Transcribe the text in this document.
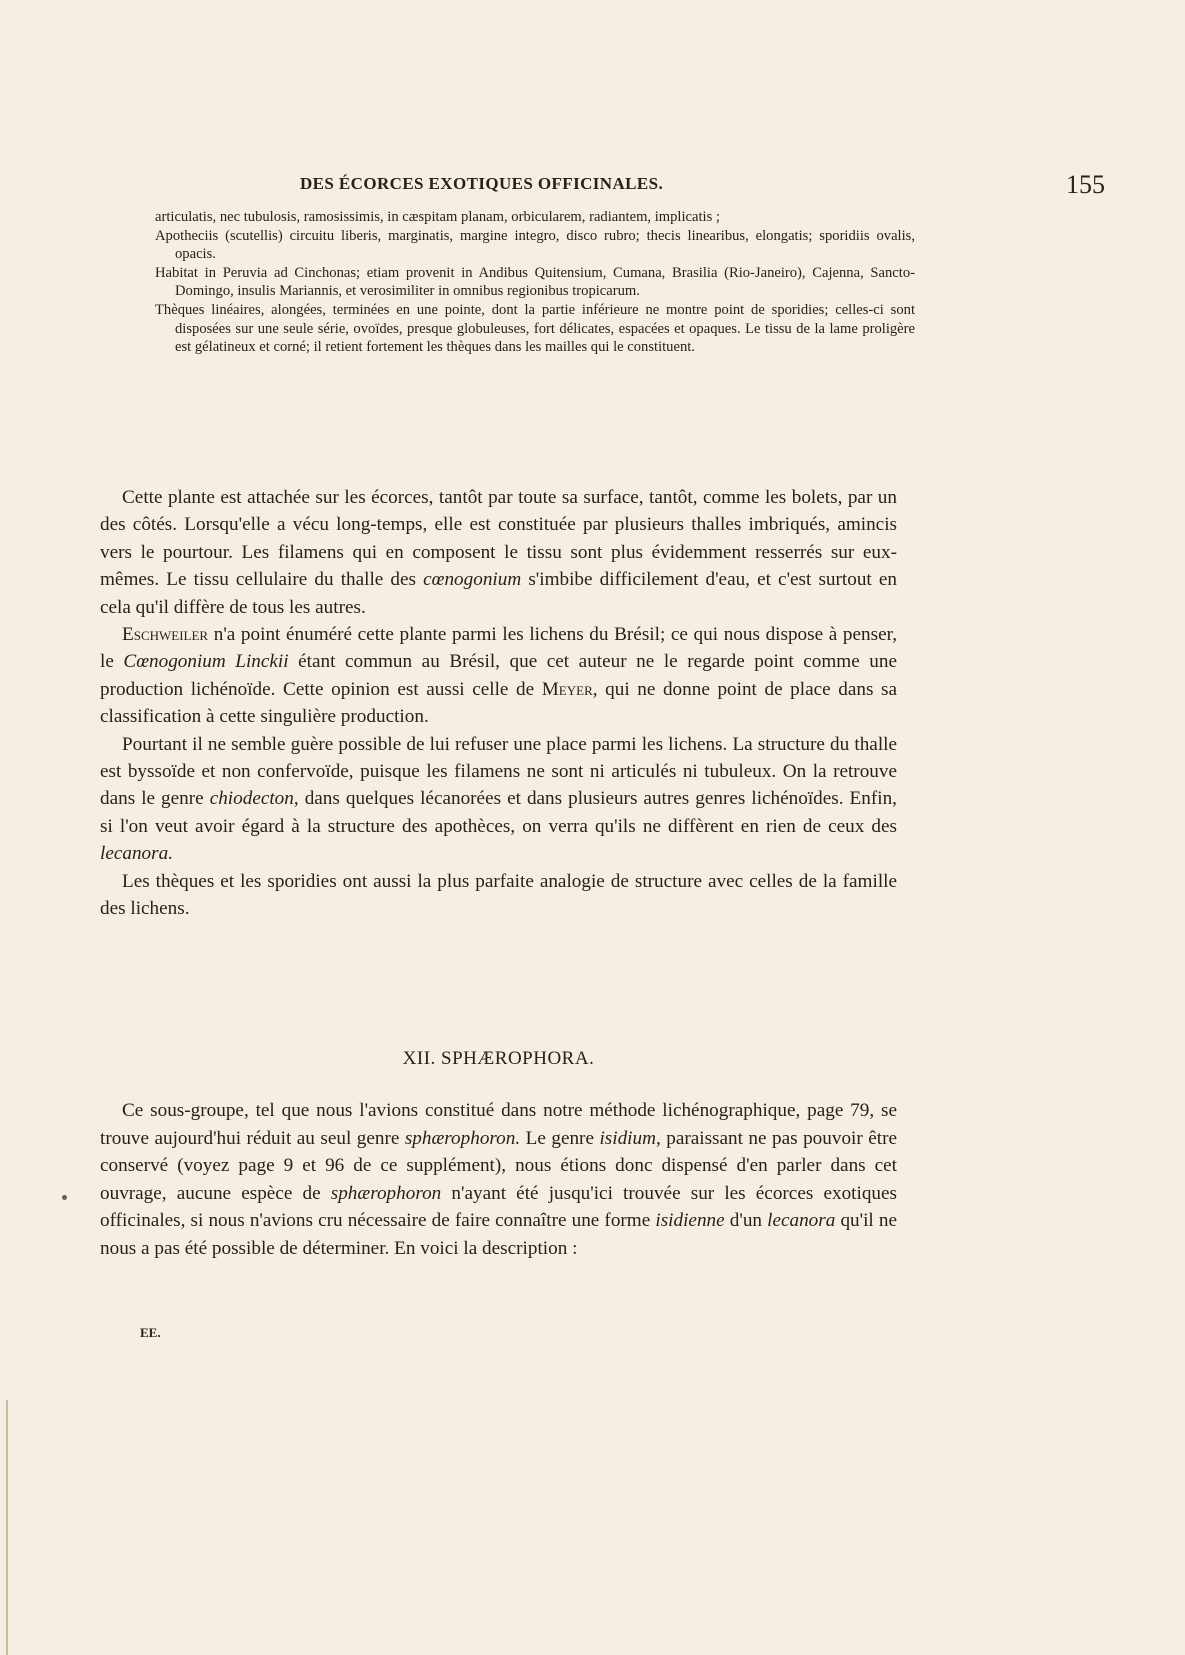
DES ÉCORCES EXOTIQUES OFFICINALES.	155

articulatis, nec tubulosis, ramosissimis, in cæspitam planam, orbicularem, radiantem, implicatis ;

Apotheciis (scutellis) circuitu liberis, marginatis, margine integro, disco rubro; thecis linearibus, elongatis; sporidiis ovalis, opacis.

Habitat in Peruvia ad Cinchonas; etiam provenit in Andibus Quitensium, Cumana, Brasilia (Rio-Janeiro), Cajenna, Sancto-Domingo, insulis Mariannis, et verosimiliter in omnibus regionibus tropicarum.

Thèques linéaires, alongées, terminées en une pointe, dont la partie inférieure ne montre point de sporidies; celles-ci sont disposées sur une seule série, ovoïdes, presque globuleuses, fort délicates, espacées et opaques. Le tissu de la lame proligère est gélatineux et corné; il retient fortement les thèques dans les mailles qui le constituent.

Cette plante est attachée sur les écorces, tantôt par toute sa surface, tantôt, comme les bolets, par un des côtés. Lorsqu'elle a vécu long-temps, elle est constituée par plusieurs thalles imbriqués, amincis vers le pourtour. Les filamens qui en composent le tissu sont plus évidemment resserrés sur eux-mêmes. Le tissu cellulaire du thalle des cœnogonium s'imbibe difficilement d'eau, et c'est surtout en cela qu'il diffère de tous les autres.

Eschweiler n'a point énuméré cette plante parmi les lichens du Brésil; ce qui nous dispose à penser, le Cœnogonium Linckii étant commun au Brésil, que cet auteur ne le regarde point comme une production lichénoïde. Cette opinion est aussi celle de Meyer, qui ne donne point de place dans sa classification à cette singulière production.

Pourtant il ne semble guère possible de lui refuser une place parmi les lichens. La structure du thalle est byssoïde et non confervoïde, puisque les filamens ne sont ni articulés ni tubuleux. On la retrouve dans le genre chiodecton, dans quelques lécanorées et dans plusieurs autres genres lichénoïdes. Enfin, si l'on veut avoir égard à la structure des apothèces, on verra qu'ils ne diffèrent en rien de ceux des lecanora.

Les thèques et les sporidies ont aussi la plus parfaite analogie de structure avec celles de la famille des lichens.

XII. SPHÆROPHORA.

Ce sous-groupe, tel que nous l'avions constitué dans notre méthode lichénographique, page 79, se trouve aujourd'hui réduit au seul genre sphærophoron. Le genre isidium, paraissant ne pas pouvoir être conservé (voyez page 9 et 96 de ce supplément), nous étions donc dispensé d'en parler dans cet ouvrage, aucune espèce de sphærophoron n'ayant été jusqu'ici trouvée sur les écorces exotiques officinales, si nous n'avions cru nécessaire de faire connaître une forme isidienne d'un lecanora qu'il ne nous a pas été possible de déterminer. En voici la description :

EE.
